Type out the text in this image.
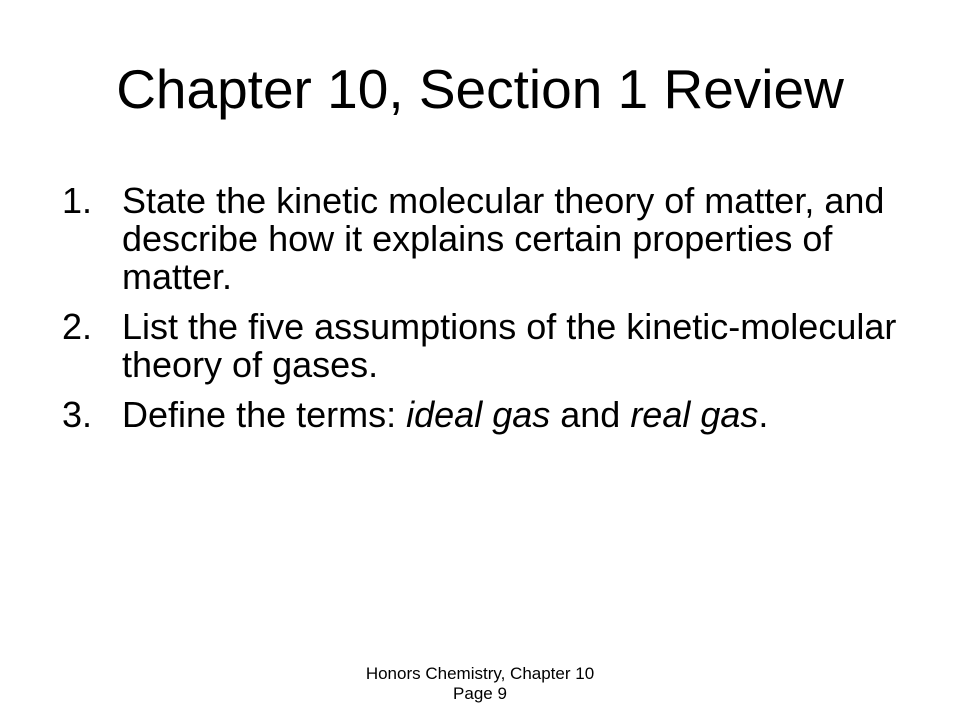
Chapter 10, Section 1 Review
1. State the kinetic molecular theory of matter, and describe how it explains certain properties of matter.
2. List the five assumptions of the kinetic-molecular theory of gases.
3. Define the terms: ideal gas and real gas.
Honors Chemistry, Chapter 10
Page 9
